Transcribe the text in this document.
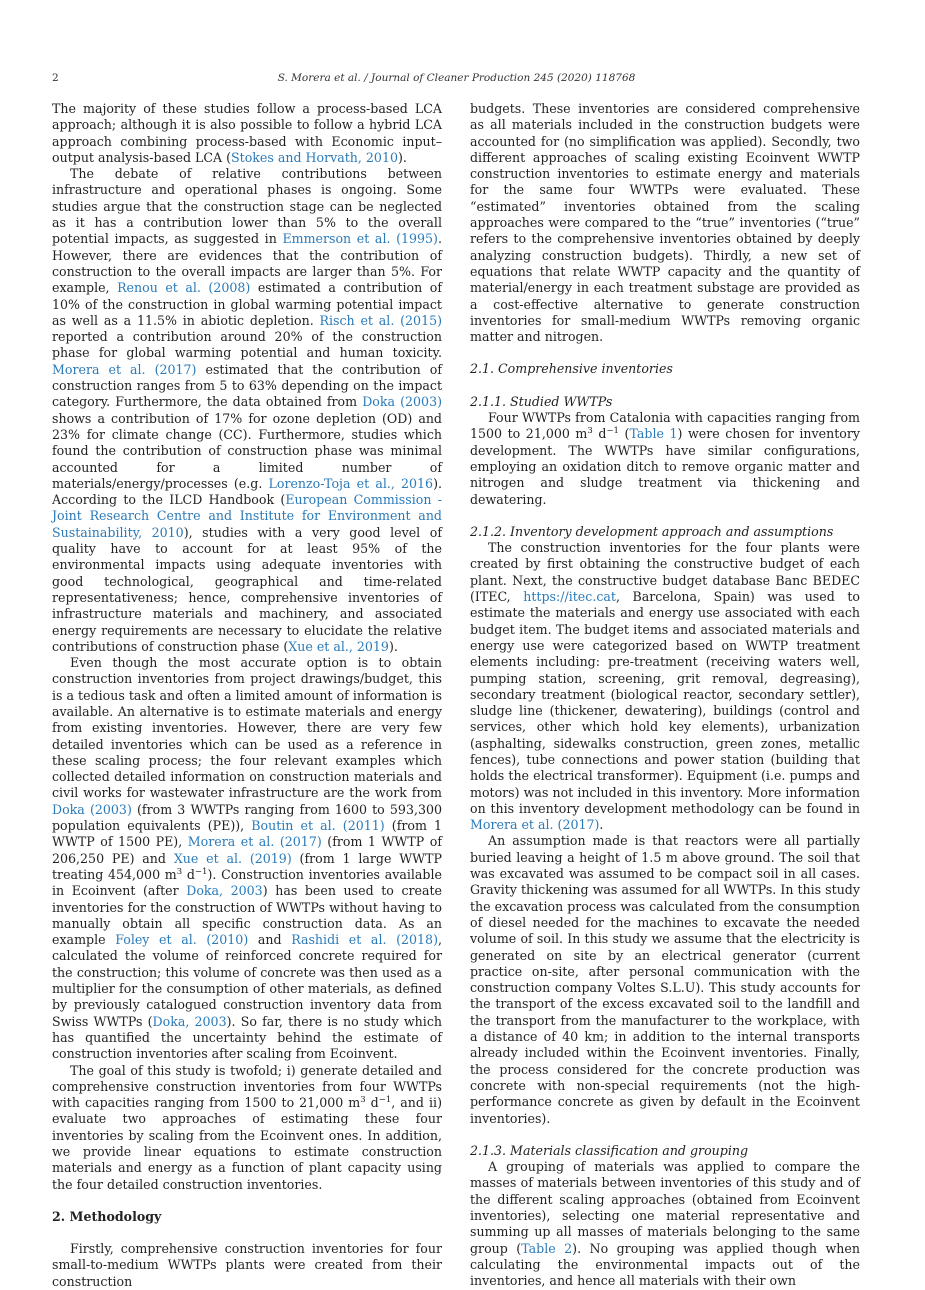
2	S. Morera et al. / Journal of Cleaner Production 245 (2020) 118768

The majority of these studies follow a process-based LCA approach; although it is also possible to follow a hybrid LCA approach combining process-based with Economic input–output analysis-based LCA (Stokes and Horvath, 2010).

The debate of relative contributions between infrastructure and operational phases is ongoing. Some studies argue that the construction stage can be neglected as it has a contribution lower than 5% to the overall potential impacts, as suggested in Emmerson et al. (1995). However, there are evidences that the contribution of construction to the overall impacts are larger than 5%. For example, Renou et al. (2008) estimated a contribution of 10% of the construction in global warming potential impact as well as a 11.5% in abiotic depletion. Risch et al. (2015) reported a contribution around 20% of the construction phase for global warming potential and human toxicity. Morera et al. (2017) estimated that the contribution of construction ranges from 5 to 63% depending on the impact category. Furthermore, the data obtained from Doka (2003) shows a contribution of 17% for ozone depletion (OD) and 23% for climate change (CC). Furthermore, studies which found the contribution of construction phase was minimal accounted for a limited number of materials/energy/processes (e.g. Lorenzo-Toja et al., 2016). According to the ILCD Handbook (European Commission - Joint Research Centre and Institute for Environment and Sustainability, 2010), studies with a very good level of quality have to account for at least 95% of the environmental impacts using adequate inventories with good technological, geographical and time-related representativeness; hence, comprehensive inventories of infrastructure materials and machinery, and associated energy requirements are necessary to elucidate the relative contributions of construction phase (Xue et al., 2019).

Even though the most accurate option is to obtain construction inventories from project drawings/budget, this is a tedious task and often a limited amount of information is available. An alternative is to estimate materials and energy from existing inventories. However, there are very few detailed inventories which can be used as a reference in these scaling process; the four relevant examples which collected detailed information on construction materials and civil works for wastewater infrastructure are the work from Doka (2003) (from 3 WWTPs ranging from 1600 to 593,300 population equivalents (PE)), Boutin et al. (2011) (from 1 WWTP of 1500 PE), Morera et al. (2017) (from 1 WWTP of 206,250 PE) and Xue et al. (2019) (from 1 large WWTP treating 454,000 $m^3$ $d^{-1}$). Construction inventories available in Ecoinvent (after Doka, 2003) has been used to create inventories for the construction of WWTPs without having to manually obtain all specific construction data. As an example Foley et al. (2010) and Rashidi et al. (2018), calculated the volume of reinforced concrete required for the construction; this volume of concrete was then used as a multiplier for the consumption of other materials, as defined by previously catalogued construction inventory data from Swiss WWTPs (Doka, 2003). So far, there is no study which has quantified the uncertainty behind the estimate of construction inventories after scaling from Ecoinvent.

The goal of this study is twofold; i) generate detailed and comprehensive construction inventories from four WWTPs with capacities ranging from 1500 to 21,000 $m^3$ $d^{-1}$, and ii) evaluate two approaches of estimating these four inventories by scaling from the Ecoinvent ones. In addition, we provide linear equations to estimate construction materials and energy as a function of plant capacity using the four detailed construction inventories.

2. Methodology

Firstly, comprehensive construction inventories for four small-to-medium WWTPs plants were created from their construction

budgets. These inventories are considered comprehensive as all materials included in the construction budgets were accounted for (no simplification was applied). Secondly, two different approaches of scaling existing Ecoinvent WWTP construction inventories to estimate energy and materials for the same four WWTPs were evaluated. These “estimated” inventories obtained from the scaling approaches were compared to the “true” inventories (“true” refers to the comprehensive inventories obtained by deeply analyzing construction budgets). Thirdly, a new set of equations that relate WWTP capacity and the quantity of material/energy in each treatment substage are provided as a cost-effective alternative to generate construction inventories for small-medium WWTPs removing organic matter and nitrogen.

2.1. Comprehensive inventories
2.1.1. Studied WWTPs

Four WWTPs from Catalonia with capacities ranging from 1500 to 21,000 $m^3$ $d^{-1}$ (Table 1) were chosen for inventory development. The WWTPs have similar configurations, employing an oxidation ditch to remove organic matter and nitrogen and sludge treatment via thickening and dewatering.

2.1.2. Inventory development approach and assumptions

The construction inventories for the four plants were created by first obtaining the constructive budget of each plant. Next, the constructive budget database Banc BEDEC (ITEC, https://itec.cat, Barcelona, Spain) was used to estimate the materials and energy use associated with each budget item. The budget items and associated materials and energy use were categorized based on WWTP treatment elements including: pre-treatment (receiving waters well, pumping station, screening, grit removal, degreasing), secondary treatment (biological reactor, secondary settler), sludge line (thickener, dewatering), buildings (control and services, other which hold key elements), urbanization (asphalting, sidewalks construction, green zones, metallic fences), tube connections and power station (building that holds the electrical transformer). Equipment (i.e. pumps and motors) was not included in this inventory. More information on this inventory development methodology can be found in Morera et al. (2017).

An assumption made is that reactors were all partially buried leaving a height of 1.5 m above ground. The soil that was excavated was assumed to be compact soil in all cases. Gravity thickening was assumed for all WWTPs. In this study the excavation process was calculated from the consumption of diesel needed for the machines to excavate the needed volume of soil. In this study we assume that the electricity is generated on site by an electrical generator (current practice on-site, after personal communication with the construction company Voltes S.L.U). This study accounts for the transport of the excess excavated soil to the landfill and the transport from the manufacturer to the workplace, with a distance of 40 km; in addition to the internal transports already included within the Ecoinvent inventories. Finally, the process considered for the concrete production was concrete with non-special requirements (not the high-performance concrete as given by default in the Ecoinvent inventories).

2.1.3. Materials classification and grouping

A grouping of materials was applied to compare the masses of materials between inventories of this study and of the different scaling approaches (obtained from Ecoinvent inventories), selecting one material representative and summing up all masses of materials belonging to the same group (Table 2). No grouping was applied though when calculating the environmental impacts out of the inventories, and hence all materials with their own
